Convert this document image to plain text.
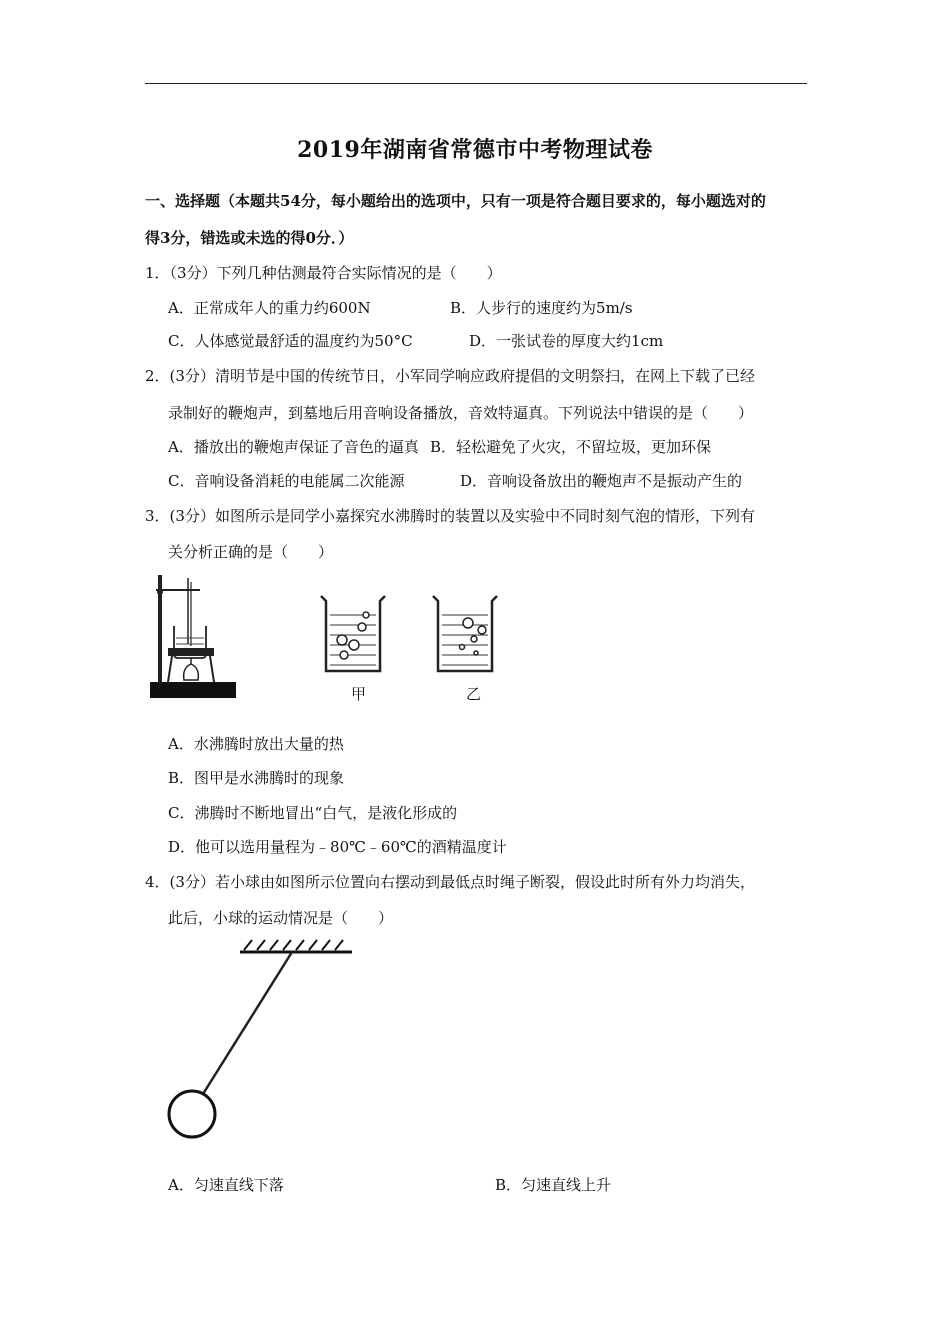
2019年湖南省常德市中考物理试卷
一、选择题（本题共54分，每小题给出的选项中，只有一项是符合题目要求的，每小题选对的
得3分，错选或未选的得0分．）
1．（3分）下列几种估测最符合实际情况的是（　　）
A．正常成年人的重力约600N	B．人步行的速度约为5m/s
C．人体感觉最舒适的温度约为50°C	D．一张试卷的厚度大约1cm
2．(3分）清明节是中国的传统节日，小军同学响应政府提倡的文明祭扫，在网上下载了已经
录制好的鞭炮声，到墓地后用音响设备播放，音效特逼真。下列说法中错误的是（　　）
A．播放出的鞭炮声保证了音色的逼真 B．轻松避免了火灾，不留垃圾，更加环保
C．音响设备消耗的电能属二次能源	D．音响设备放出的鞭炮声不是振动产生的
3．(3分）如图所示是同学小嘉探究水沸腾时的装置以及实验中不同时刻气泡的情形，下列有
关分析正确的是（　　）
甲	乙
A．水沸腾时放出大量的热
B．图甲是水沸腾时的现象
C．沸腾时不断地冒出“白气，是液化形成的
D．他可以选用量程为﹣80℃﹣60℃的酒精温度计
4．(3分）若小球由如图所示位置向右摆动到最低点时绳子断裂，假设此时所有外力均消失，
此后，小球的运动情况是（　　）
A．匀速直线下落	B．匀速直线上升
